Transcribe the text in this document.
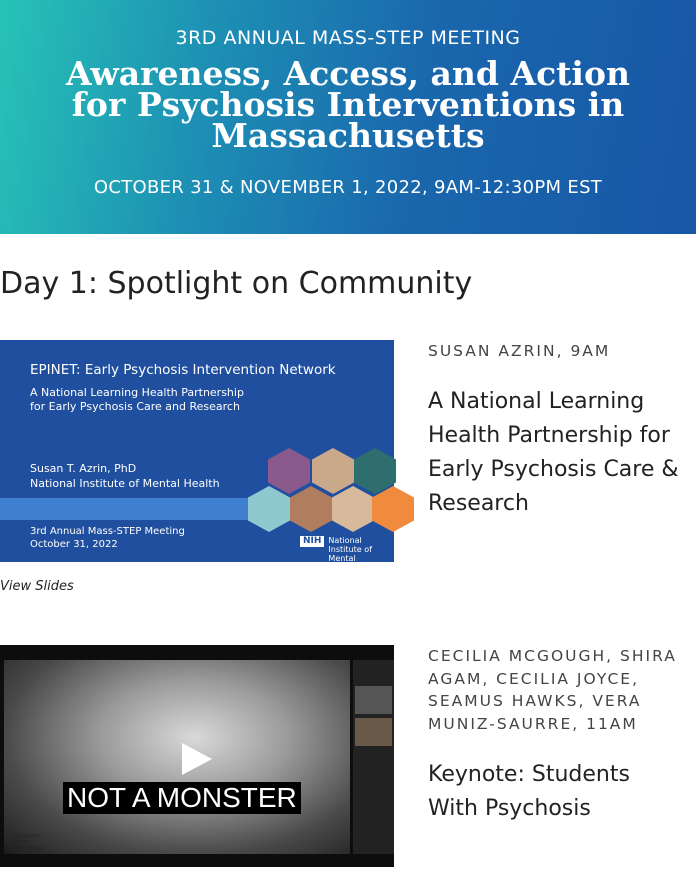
3RD ANNUAL MASS-STEP MEETING
Awareness, Access, and Action for Psychosis Interventions in Massachusetts
OCTOBER 31 & NOVEMBER 1, 2022, 9AM-12:30PM EST
Day 1: Spotlight on Community
EPINET: Early Psychosis Intervention Network
A National Learning Health Partnership for Early Psychosis Care and Research
Susan T. Azrin, PhD
National Institute of Mental Health
3rd Annual Mass-STEP Meeting
October 31, 2022	NIH National Institute of Mental Health
SUSAN AZRIN, 9AM
A National Learning Health Partnership for Early Psychosis Care & Research
View Slides
NOT A MONSTER
STUDENTS WITH PSYCHOSIS
CECILIA MCGOUGH, SHIRA AGAM, CECILIA JOYCE, SEAMUS HAWKS, VERA MUNIZ-SAURRE, 11AM
Keynote: Students With Psychosis
